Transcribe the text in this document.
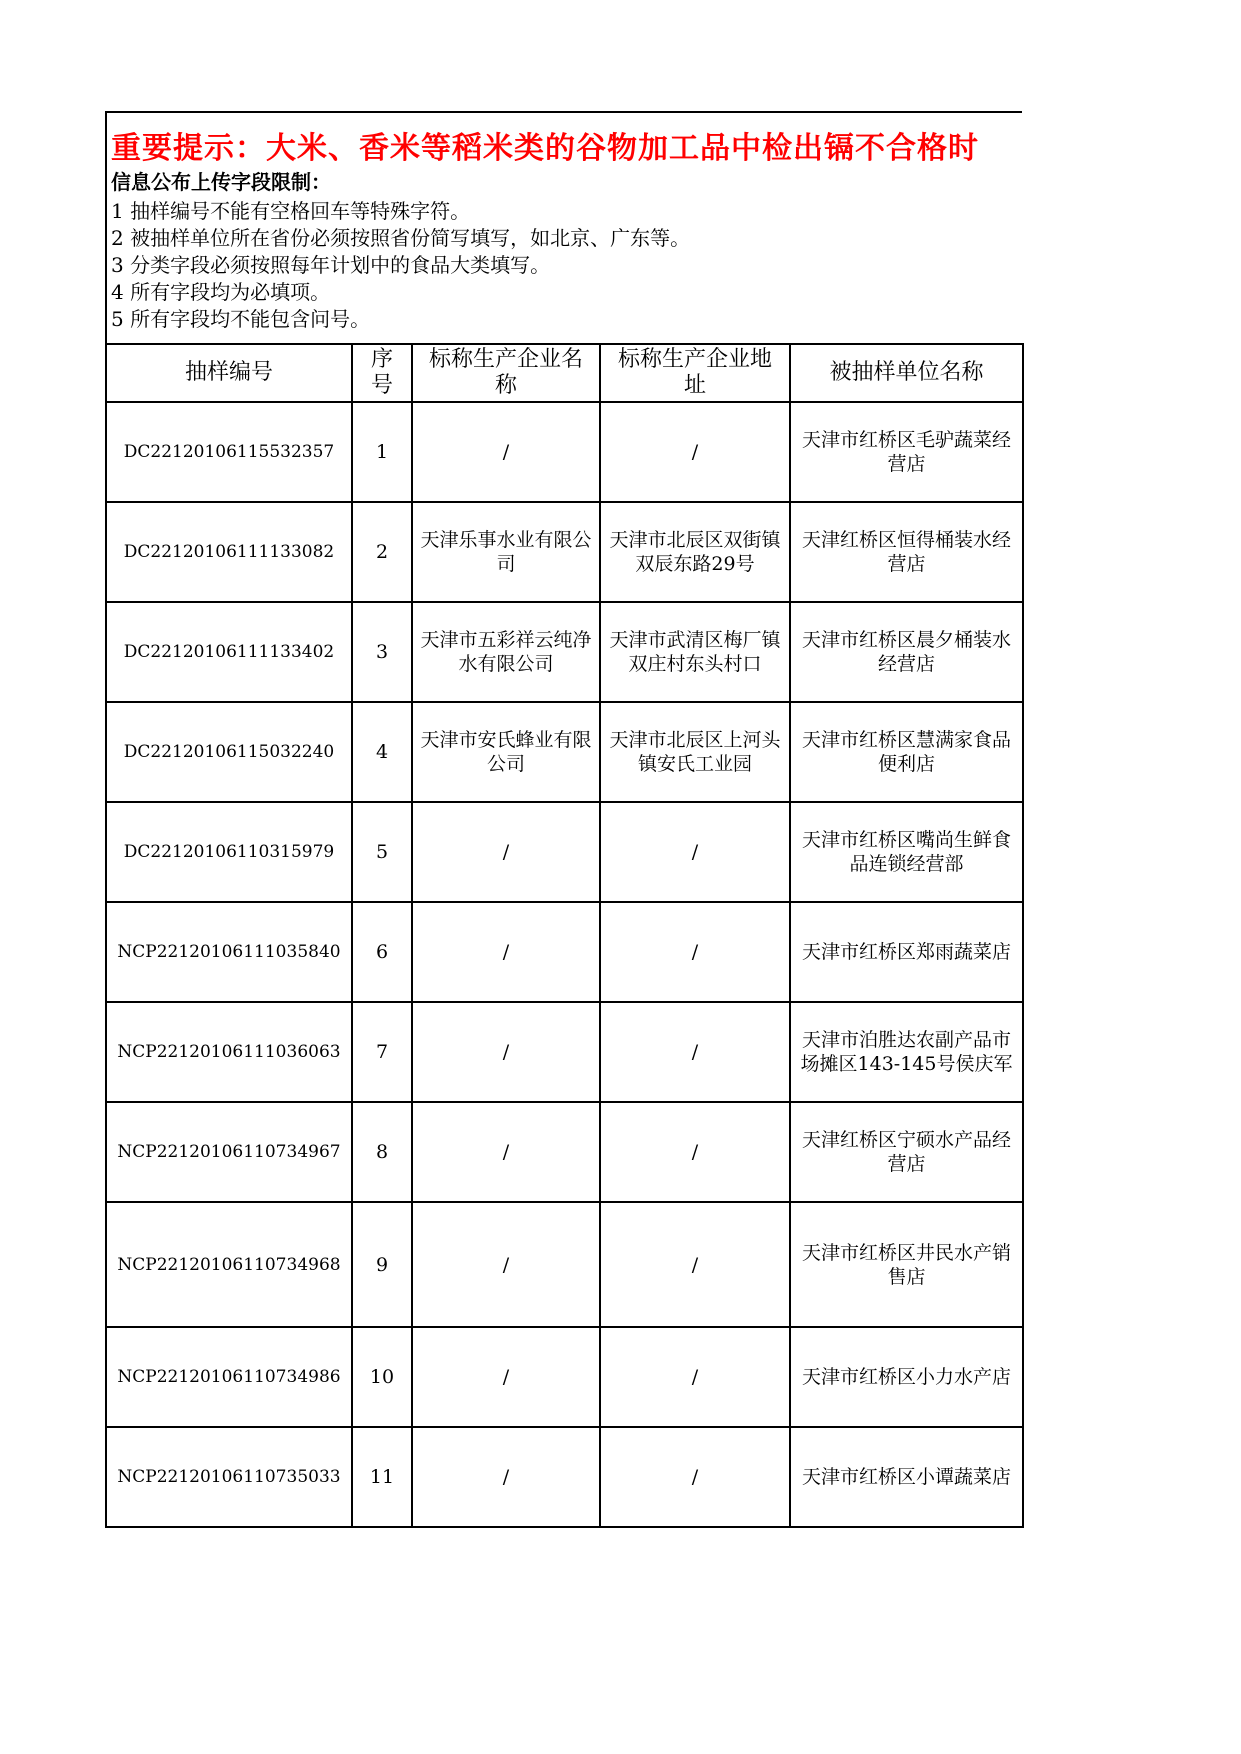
重要提示：大米、香米等稻米类的谷物加工品中检出镉不合格时
信息公布上传字段限制：
1 抽样编号不能有空格回车等特殊字符。
2 被抽样单位所在省份必须按照省份简写填写，如北京、广东等。
3 分类字段必须按照每年计划中的食品大类填写。
4 所有字段均为必填项。
5 所有字段均不能包含问号。
抽样编号	序号	标称生产企业名称	标称生产企业地址	被抽样单位名称
DC22120106115532357	1	/	/	天津市红桥区毛驴蔬菜经营店
DC22120106111133082	2	天津乐事水业有限公司	天津市北辰区双街镇双辰东路29号	天津红桥区恒得桶装水经营店
DC22120106111133402	3	天津市五彩祥云纯净水有限公司	天津市武清区梅厂镇双庄村东头村口	天津市红桥区晨夕桶装水经营店
DC22120106115032240	4	天津市安氏蜂业有限公司	天津市北辰区上河头镇安氏工业园	天津市红桥区慧满家食品便利店
DC22120106110315979	5	/	/	天津市红桥区嘴尚生鲜食品连锁经营部
NCP22120106111035840	6	/	/	天津市红桥区郑雨蔬菜店
NCP22120106111036063	7	/	/	天津市泊胜达农副产品市场摊区143-145号侯庆军
NCP22120106110734967	8	/	/	天津红桥区宁硕水产品经营店
NCP22120106110734968	9	/	/	天津市红桥区井民水产销售店
NCP22120106110734986	10	/	/	天津市红桥区小力水产店
NCP22120106110735033	11	/	/	天津市红桥区小谭蔬菜店
